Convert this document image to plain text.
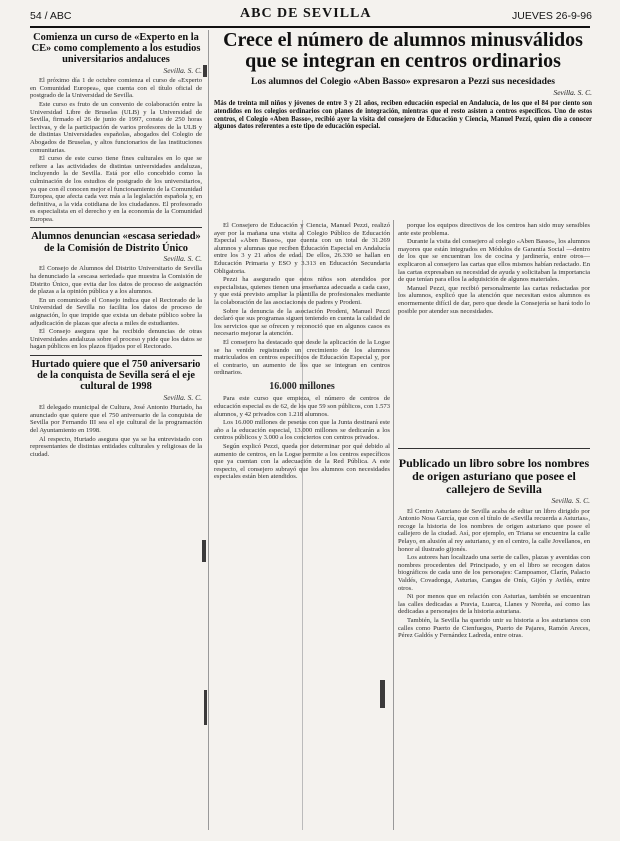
54 / ABC	ABC DE SEVILLA	JUEVES 26-9-96
Comienza un curso de «Experto en la CE» como complemento a los estudios universitarios andaluces
Sevilla. S. C.

El próximo día 1 de octubre comienza el curso de «Experto en Comunidad Europea», que cuenta con el título oficial de postgrado de la Universidad de Sevilla.

Este curso es fruto de un convenio de colaboración entre la Universidad Libre de Bruselas (ULB) y la Universidad de Sevilla, firmado el 26 de junio de 1997, consta de 250 horas lectivas, y de la participación de varios profesores de la ULB y de distintas Universidades españolas, abogados del Colegio de Abogados de Bruselas, y altos funcionarios de las instituciones comunitarias.

El curso de este curso tiene fines culturales en lo que se refiere a las actividades de distintas universidades andaluzas, incluyendo la de Sevilla. Está por ello concebido como la culminación de los estudios de postgrado de los universitarios, ya que con él conocen mejor el funcionamiento de la Comunidad Europea, que afecta cada vez más a la legislación española y, en definitiva, a la vida cotidiana de los ciudadanos. El profesorado es especialista en el derecho y en la economía de la Comunidad Europea.

Alumnos denuncian «escasa seriedad» de la Comisión de Distrito Único
Sevilla. S. C.

El Consejo de Alumnos del Distrito Universitario de Sevilla ha denunciado la «escasa seriedad» que muestra la Comisión de Distrito Único, que evita dar los datos de proceso de asignación de plazas a la opinión pública y a los alumnos.

En un comunicado el Consejo indica que el Rectorado de la Universidad de Sevilla no facilita los datos de proceso de asignación, lo que impide que exista un debate público sobre la adjudicación de plazas que afecta a miles de estudiantes.

El Consejo asegura que ha recibido denuncias de otras Universidades andaluzas sobre el proceso y pide que los datos se hagan públicos en los plazos fijados por el Rectorado.

Hurtado quiere que el 750 aniversario de la conquista de Sevilla será el eje cultural de 1998
Sevilla. S. C.

El delegado municipal de Cultura, José Antonio Hurtado, ha anunciado que quiere que el 750 aniversario de la conquista de Sevilla por Fernando III sea el eje cultural de la programación del Ayuntamiento en 1998.

Al respecto, Hurtado asegura que ya se ha entrevistado con representantes de distintas entidades culturales y religiosas de la ciudad.

Crece el número de alumnos minusválidos que se integran en centros ordinarios
Los alumnos del Colegio «Aben Basso» expresaron a Pezzi sus necesidades
Sevilla. S. C.
Más de treinta mil niños y jóvenes de entre 3 y 21 años, reciben educación especial en Andalucía, de los que el 84 por ciento son atendidos en los colegios ordinarios con planes de integración, mientras que el resto asisten a centros específicos. Uno de estos centros, el Colegio «Aben Basso», recibió ayer la visita del consejero de Educación y Ciencia, Manuel Pezzi, quien dio a conocer algunos datos referentes a este tipo de educación especial.

El Consejero de Educación y Ciencia, Manuel Pezzi, realizó ayer por la mañana una visita al Colegio Público de Educación Especial «Aben Basso», que cuenta con un total de 31.269 alumnos y alumnas que reciben Educación Especial en Andalucía entre los 3 y 21 años de edad. De ellos, 26.330 se hallan en Educación Primaria y ESO y 3.313 en Educación Secundaria Obligatoria.

Pezzi ha asegurado que estos niños son atendidos por especialistas, quienes tienen una enseñanza adecuada a cada caso, y que está previsto ampliar la plantilla de profesionales mediante la colaboración de las asociaciones de padres y Prodeni.

Sobre la denuncia de la asociación Prodeni, Manuel Pezzi declaró que sus programas siguen teniendo en cuenta la calidad de los servicios que se ofrecen y reconoció que en algunos casos es necesario mejorar la atención.

El consejero ha destacado que desde la aplicación de la Logse se ha venido registrando un crecimiento de los alumnos matriculados en centros específicos de Educación Especial y, por el contrario, un aumento de los que se integran en centros ordinarios.

16.000 millones

Para este curso que empieza, el número de centros de educación especial es de 62, de los que 59 son públicos, con 1.573 alumnos, y 42 privados con 1.218 alumnos.

Los 16.000 millones de pesetas con que la Junta destinará este año a la educación especial, 13.000 millones se dedicarán a los centros públicos y 3.000 a los conciertos con centros privados.

Según explicó Pezzi, queda por determinar por qué debido al aumento de centros, en la Logse permite a los centros específicos que ya cuentan con la adecuación de la Red Pública. A este respecto, el consejero subrayó que los alumnos con necesidades especiales están bien atendidos.

porque los equipos directivos de los centros han sido muy sensibles ante este problema.

Durante la visita del consejero al colegio «Aben Basso», los alumnos mayores que están integrados en Módulos de Garantía Social —dentro de los que se encuentran los de cocina y jardinería, entre otros— explicaron al consejero las cartas que ellos mismos habían redactado. En las cartas expresaban su necesidad de ayuda y solicitaban la importancia de que tenían para ellos la adquisición de algunos materiales.

Manuel Pezzi, que recibió personalmente las cartas redactadas por los alumnos, explicó que la atención que necesitan estos alumnos es enormemente difícil de dar, pero que desde la Consejería se hará todo lo posible por atender sus necesidades.

Publicado un libro sobre los nombres de origen asturiano que posee el callejero de Sevilla
Sevilla. S. C.

El Centro Asturiano de Sevilla acaba de editar un libro dirigido por Antonio Nosa García, que con el título de «Sevilla recuerda a Asturias», recoge la historia de los nombres de origen asturiano que posee el callejero de la ciudad. Así, por ejemplo, en Triana se encuentra la calle Pelayo, en alusión al rey asturiano, y en el centro, la calle Jovellanos, en honor al ilustrado gijonés.

Los autores han localizado una serie de calles, plazas y avenidas con nombres procedentes del Principado, y en el libro se recogen datos biográficos de cada uno de los personajes: Campoamor, Clarín, Palacio Valdés, Covadonga, Asturias, Cangas de Onís, Gijón y Avilés, entre otros.

Ni por menos que en relación con Asturias, también se encuentran las calles dedicadas a Pravia, Luarca, Llanes y Noreña, así como las dedicadas a personajes de la historia asturiana.

También, la Sevilla ha querido unir su historia a los asturianos con calles como Puerto de Cienfuegos, Puerto de Pajares, Ramón Areces, Pérez Galdós y Fernández Ladreda, entre otras.
